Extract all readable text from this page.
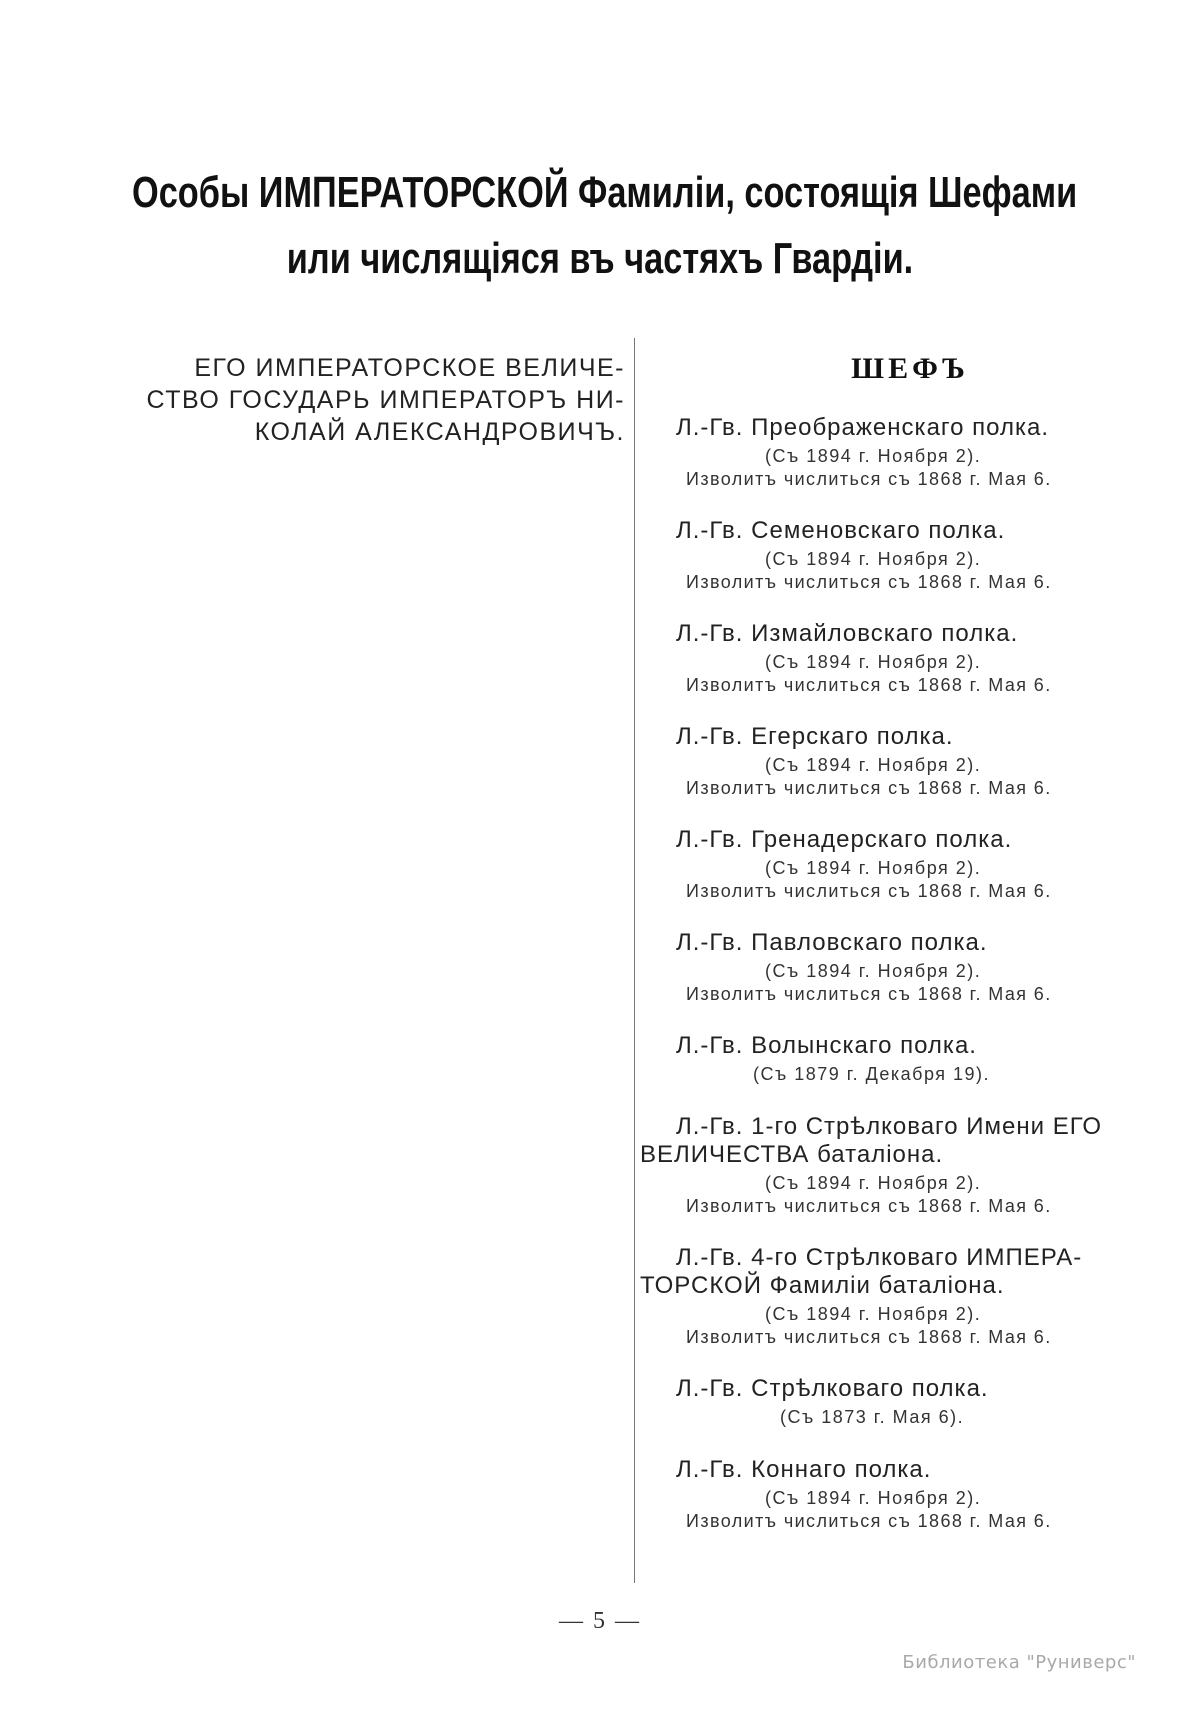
Особы ИМПЕРАТОРСКОЙ Фамиліи, состоящія Шефами
или числящіяся въ частяхъ Гвардіи.
ЕГО ИМПЕРАТОРСКОЕ ВЕЛИЧЕ-
СТВО ГОСУДАРЬ ИМПЕРАТОРЪ НИ-
КОЛАЙ АЛЕКСАНДРОВИЧЪ.
ШЕФЪ
Л.-Гв. Преображенскаго полка.
(Съ 1894 г. Ноября 2).
Изволитъ числиться съ 1868 г. Мая 6.
Л.-Гв. Семеновскаго полка.
(Съ 1894 г. Ноября 2).
Изволитъ числиться съ 1868 г. Мая 6.
Л.-Гв. Измайловскаго полка.
(Съ 1894 г. Ноября 2).
Изволитъ числиться съ 1868 г. Мая 6.
Л.-Гв. Егерскаго полка.
(Съ 1894 г. Ноября 2).
Изволитъ числиться съ 1868 г. Мая 6.
Л.-Гв. Гренадерскаго полка.
(Съ 1894 г. Ноября 2).
Изволитъ числиться съ 1868 г. Мая 6.
Л.-Гв. Павловскаго полка.
(Съ 1894 г. Ноября 2).
Изволитъ числиться съ 1868 г. Мая 6.
Л.-Гв. Волынскаго полка.
(Съ 1879 г. Декабря 19).
Л.-Гв. 1-го Стрѣлковаго Имени ЕГО
ВЕЛИЧЕСТВА баталіона.
(Съ 1894 г. Ноября 2).
Изволитъ числиться съ 1868 г. Мая 6.
Л.-Гв. 4-го Стрѣлковаго ИМПЕРА-
ТОРСКОЙ Фамиліи баталіона.
(Съ 1894 г. Ноября 2).
Изволитъ числиться съ 1868 г. Мая 6.
Л.-Гв. Стрѣлковаго полка.
(Съ 1873 г. Мая 6).
Л.-Гв. Коннаго полка.
(Съ 1894 г. Ноября 2).
Изволитъ числиться съ 1868 г. Мая 6.
— 5 —
Библиотека "Руниверс"
